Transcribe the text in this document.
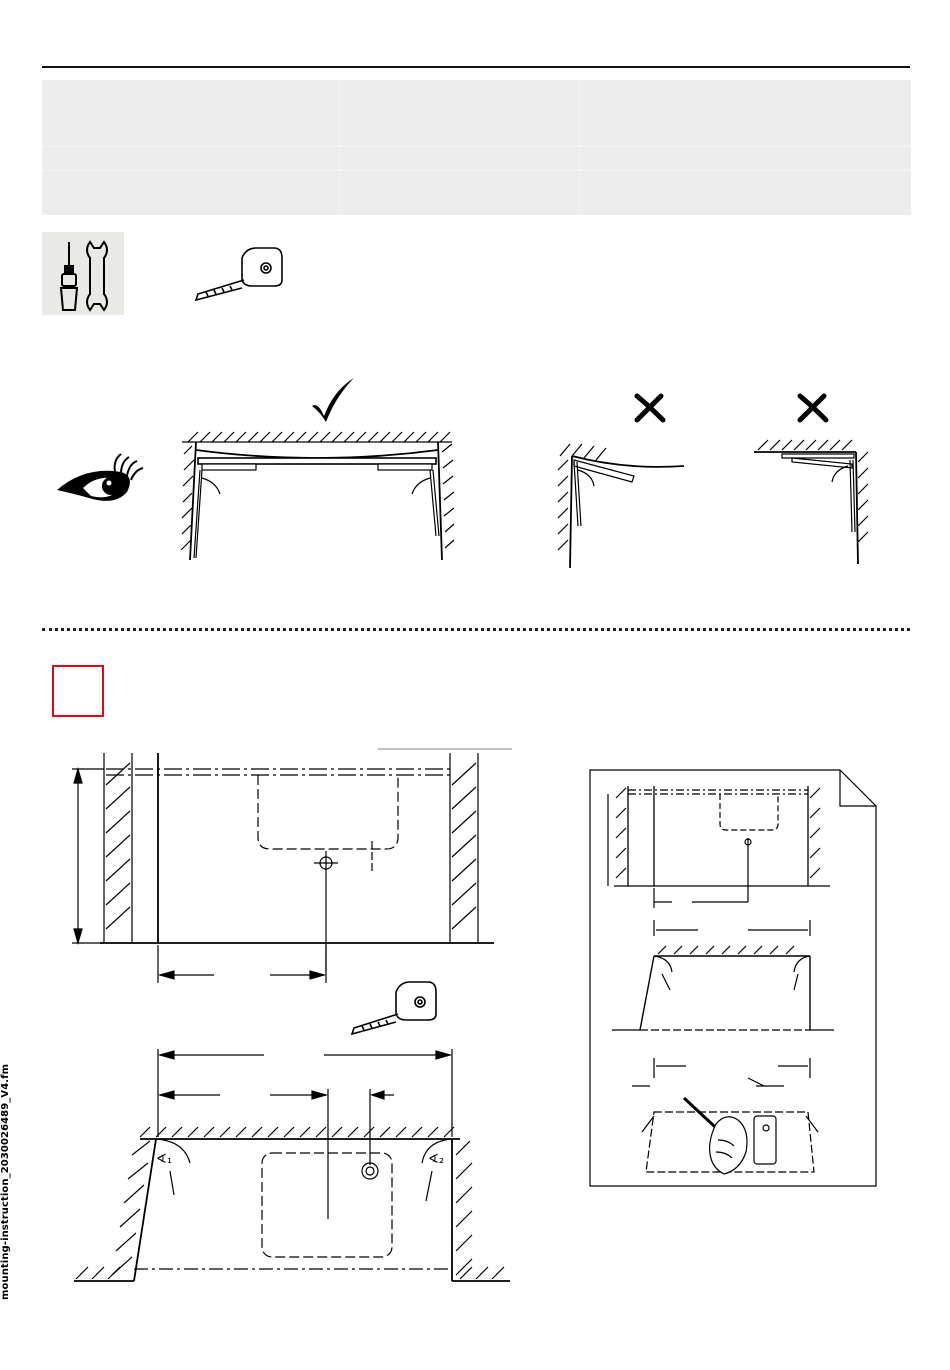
∢₁	∢₂
mounting-instruction_2030026489_V4.fm
